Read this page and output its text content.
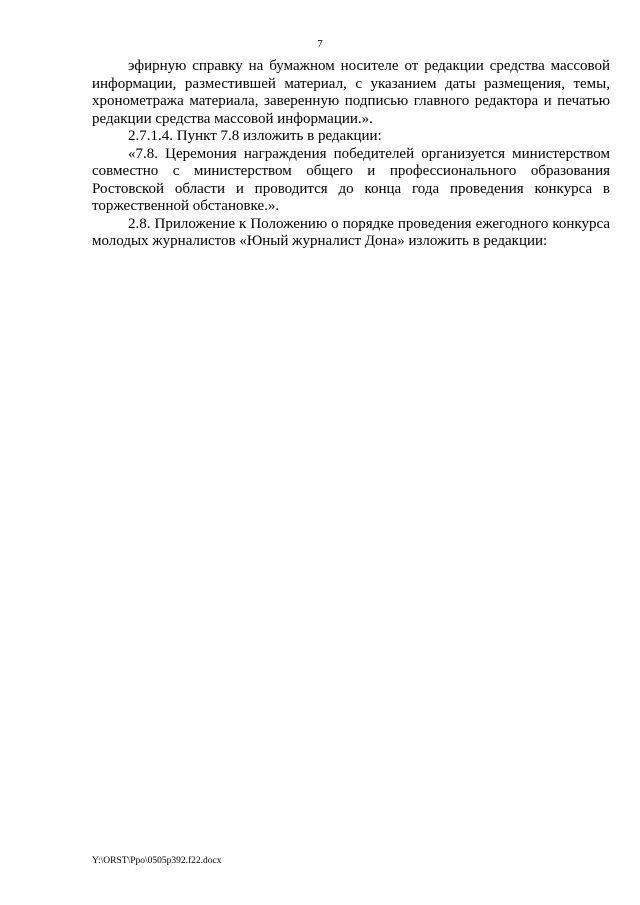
7

эфирную справку на бумажном носителе от редакции средства массовой информации, разместившей материал, с указанием даты размещения, темы, хронометража материала, заверенную подписью главного редактора и печатью редакции средства массовой информации.».

2.7.1.4. Пункт 7.8 изложить в редакции:

«7.8. Церемония награждения победителей организуется министерством совместно с министерством общего и профессионального образования Ростовской области и проводится до конца года проведения конкурса в торжественной обстановке.».

2.8. Приложение к Положению о порядке проведения ежегодного конкурса молодых журналистов «Юный журналист Дона» изложить в редакции:

Y:\ORST\Ppo\0505p392.f22.docx
